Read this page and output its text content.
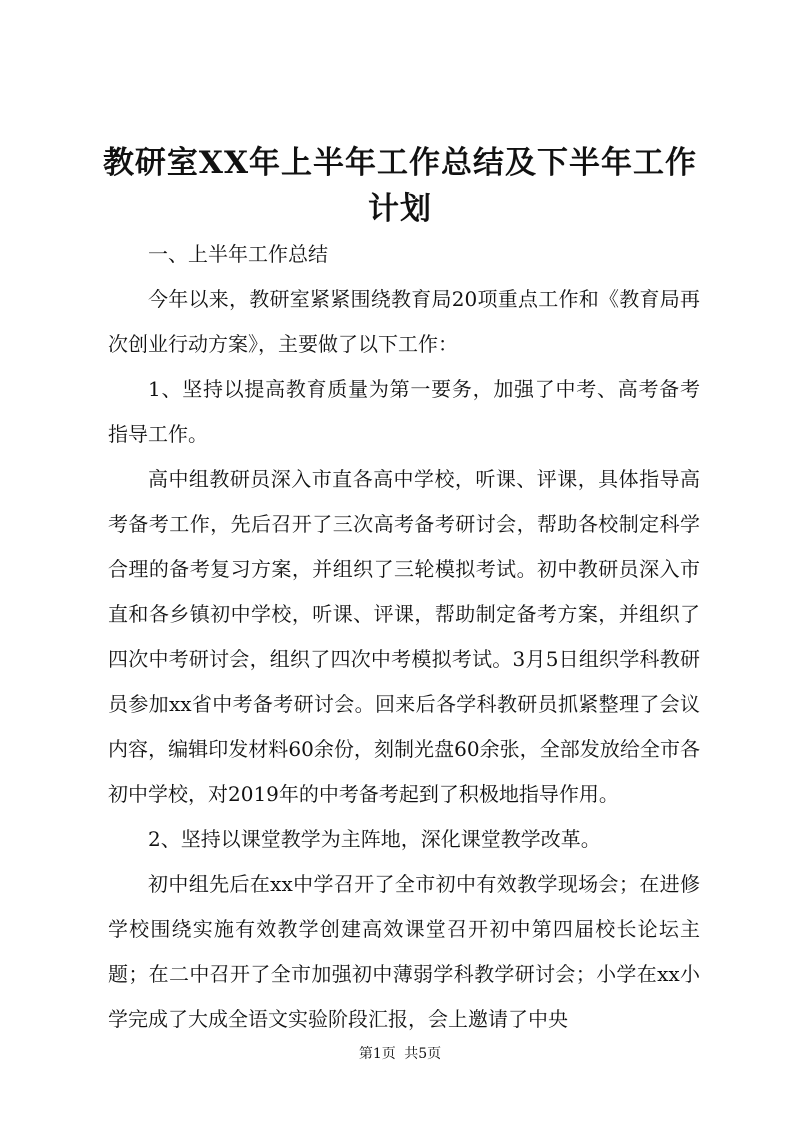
教研室XX年上半年工作总结及下半年工作计划

一、上半年工作总结

今年以来，教研室紧紧围绕教育局20项重点工作和《教育局再次创业行动方案》，主要做了以下工作：

1、坚持以提高教育质量为第一要务，加强了中考、高考备考指导工作。

高中组教研员深入市直各高中学校，听课、评课，具体指导高考备考工作，先后召开了三次高考备考研讨会，帮助各校制定科学合理的备考复习方案，并组织了三轮模拟考试。初中教研员深入市直和各乡镇初中学校，听课、评课，帮助制定备考方案，并组织了四次中考研讨会，组织了四次中考模拟考试。3月5日组织学科教研员参加xx省中考备考研讨会。回来后各学科教研员抓紧整理了会议内容，编辑印发材料60余份，刻制光盘60余张，全部发放给全市各初中学校，对2019年的中考备考起到了积极地指导作用。

2、坚持以课堂教学为主阵地，深化课堂教学改革。

初中组先后在xx中学召开了全市初中有效教学现场会；在进修学校围绕实施有效教学创建高效课堂召开初中第四届校长论坛主题；在二中召开了全市加强初中薄弱学科教学研讨会；小学在xx小学完成了大成全语文实验阶段汇报，会上邀请了中央

第1页 共5页
